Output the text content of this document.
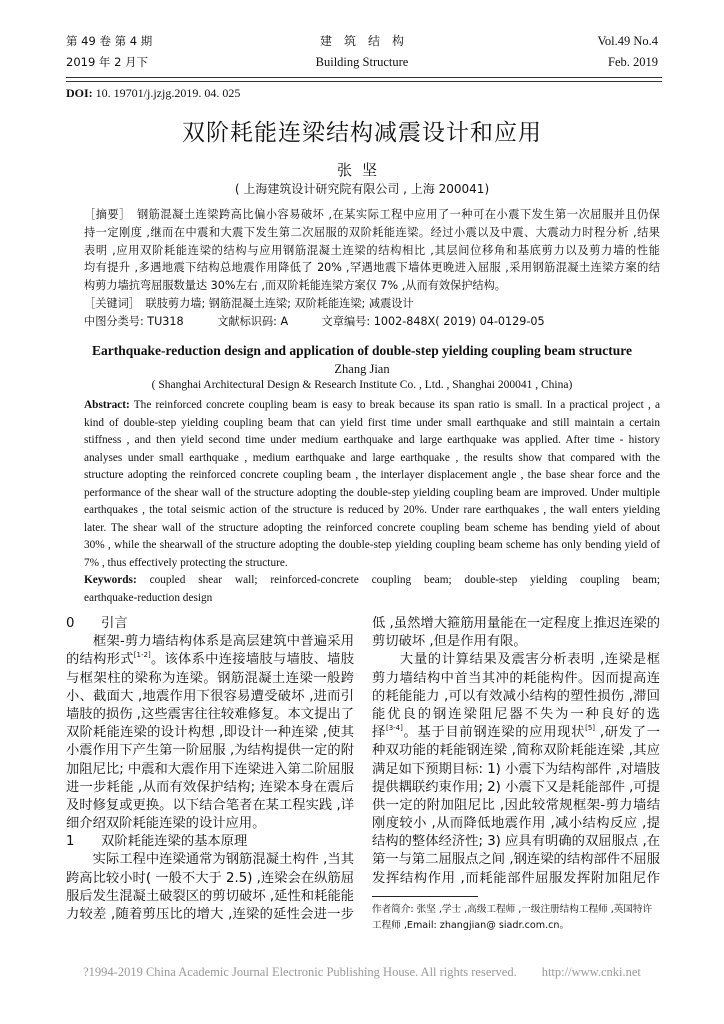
第 49 卷 第 4 期
2019 年 2 月下
建　筑　结　构
Building Structure
Vol.49 No.4
Feb. 2019
DOI: 10. 19701/j.jzjg.2019. 04. 025
双阶耗能连梁结构减震设计和应用
张坚
( 上海建筑设计研究院有限公司 , 上海 200041)
［摘要］　钢筋混凝土连梁跨高比偏小容易破坏 ,在某实际工程中应用了一种可在小震下发生第一次屈服并且仍保
持一定刚度 ,继而在中震和大震下发生第二次屈服的双阶耗能连梁。经过小震以及中震、大震动力时程分析 ,结果
表明 ,应用双阶耗能连梁的结构与应用钢筋混凝土连梁的结构相比 ,其层间位移角和基底剪力以及剪力墙的性能
均有提升 ,多遇地震下结构总地震作用降低了 20% ,罕遇地震下墙体更晚进入屈服 ,采用钢筋混凝土连梁方案的结
构剪力墙抗弯屈服数量达 30%左右 ,而双阶耗能连梁方案仅 7% ,从而有效保护结构。
［关键词］　联肢剪力墙; 钢筋混凝土连梁; 双阶耗能连梁; 减震设计
中图分类号: TU318　　　文献标识码: A　　　文章编号: 1002-848X( 2019) 04-0129-05
Earthquake-reduction design and application of double-step yielding coupling beam structure
Zhang Jian
( Shanghai Architectural Design & Research Institute Co. , Ltd. , Shanghai 200041 , China)
Abstract: The reinforced concrete coupling beam is easy to break because its span ratio is small. In a practical project , a
kind of double-step yielding coupling beam that can yield first time under small earthquake and still maintain a certain
stiffness , and then yield second time under medium earthquake and large earthquake was applied. After time - history
analyses under small earthquake , medium earthquake and large earthquake , the results show that compared with the
structure adopting the reinforced concrete coupling beam , the interlayer displacement angle , the base shear force and the
performance of the shear wall of the structure adopting the double-step yielding coupling beam are improved. Under multiple
earthquakes , the total seismic action of the structure is reduced by 20%. Under rare earthquakes , the wall enters yielding
later. The shear wall of the structure adopting the reinforced concrete coupling beam scheme has bending yield of about
30% , while the shearwall of the structure adopting the double-step yielding coupling beam scheme has only bending yield of
7% , thus effectively protecting the structure.
Keywords: coupled shear wall; reinforced-concrete coupling beam; double-step yielding coupling beam;
earthquake-reduction design
0　　引言
　　框架-剪力墙结构体系是高层建筑中普遍采用
的结构形式[1-2]。该体系中连接墙肢与墙肢、墙肢
与框架柱的梁称为连梁。钢筋混凝土连梁一般跨
小、截面大 ,地震作用下很容易遭受破坏 ,进而引
墙肢的损伤 ,这些震害往往较难修复。本文提出了
双阶耗能连梁的设计构想 ,即设计一种连梁 ,使其
小震作用下产生第一阶屈服 ,为结构提供一定的附
加阻尼比; 中震和大震作用下连梁进入第二阶屈服
进一步耗能 ,从而有效保护结构; 连梁本身在震后
及时修复或更换。以下结合笔者在某工程实践 ,详
细介绍双阶耗能连梁的设计应用。
1　　双阶耗能连梁的基本原理
　　实际工程中连梁通常为钢筋混凝土构件 ,当其
跨高比较小时( 一般不大于 2.5) ,连梁会在纵筋屈
服后发生混凝土破裂区的剪切破坏 ,延性和耗能能
力较差 ,随着剪压比的增大 ,连梁的延性会进一步
低 ,虽然增大箍筋用量能在一定程度上推迟连梁的
剪切破坏 ,但是作用有限。
　　大量的计算结果及震害分析表明 ,连梁是框
剪力墙结构中首当其冲的耗能构件。因而提高连
的耗能能力 ,可以有效减小结构的塑性损伤 ,滞回
能优良的钢连梁阻尼器不失为一种良好的选
择[3-4]。基于目前钢连梁的应用现状[5] ,研发了一
种双功能的耗能钢连梁 ,简称双阶耗能连梁 ,其应
满足如下预期目标: 1) 小震下为结构部件 ,对墙肢
提供耦联约束作用; 2) 小震下又是耗能部件 ,可提
供一定的附加阻尼比 ,因此较常规框架-剪力墙结
刚度较小 ,从而降低地震作用 ,减小结构反应 ,提
结构的整体经济性; 3) 应具有明确的双屈服点 ,在
第一与第二屈服点之间 ,钢连梁的结构部件不屈服
发挥结构作用 ,而耗能部件屈服发挥附加阻尼作
作者简介: 张坚 ,学士 ,高级工程师 ,一级注册结构工程师 ,英国特许
工程师 ,Email: zhangjian@ siadr.com.cn。
?1994-2019 China Academic Journal Electronic Publishing House. All rights reserved.　　http://www.cnki.net
